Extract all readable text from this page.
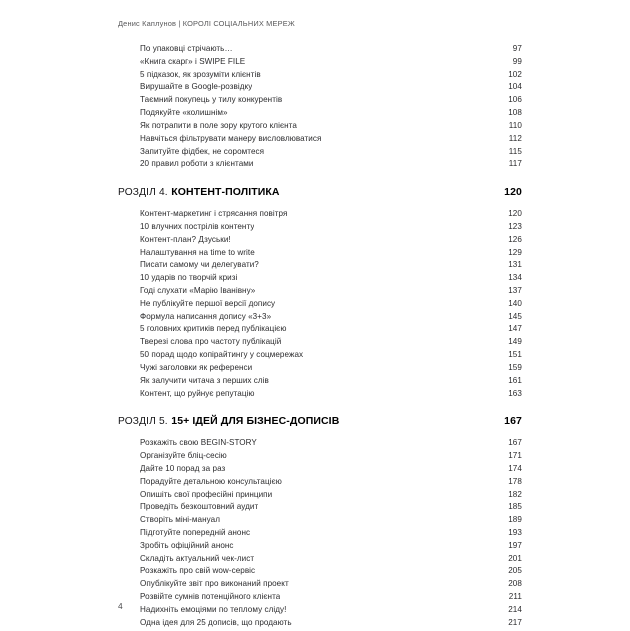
Денис Каплунов | КОРОЛІ СОЦІАЛЬНИХ МЕРЕЖ
По упаковці стрічають…	97
«Книга скарг» і SWIPE FILE	99
5 підказок, як зрозуміти клієнтів	102
Вирушайте в Google-розвідку	104
Таємний покупець у тилу конкурентів	106
Подякуйте «колишнім»	108
Як потрапити в поле зору крутого клієнта	110
Навчіться фільтрувати манеру висловлюватися	112
Запитуйте фідбек, не соромтеся	115
20 правил роботи з клієнтами	117
РОЗДІЛ 4. КОНТЕНТ-ПОЛІТИКА	120
Контент-маркетинг і стрясання повітря	120
10 влучних пострілів контенту	123
Контент-план? Дзуськи!	126
Налаштування на time to write	129
Писати самому чи делегувати?	131
10 ударів по творчій кризі	134
Годі слухати «Марію Іванівну»	137
Не публікуйте першої версії допису	140
Формула написання допису «3+3»	145
5 головних критиків перед публікацією	147
Тверезі слова про частоту публікацій	149
50 порад щодо копірайтингу у соцмережах	151
Чужі заголовки як референси	159
Як залучити читача з перших слів	161
Контент, що руйнує репутацію	163
РОЗДІЛ 5. 15+ ІДЕЙ ДЛЯ БІЗНЕС-ДОПИСІВ	167
Розкажіть свою BEGIN-STORY	167
Організуйте бліц-сесію	171
Дайте 10 порад за раз	174
Порадуйте детальною консультацією	178
Опишіть свої професійні принципи	182
Проведіть безкоштовний аудит	185
Створіть міні-мануал	189
Підготуйте попередній анонс	193
Зробіть офіційний анонс	197
Складіть актуальний чек-лист	201
Розкажіть про свій wow-сервіс	205
Опублікуйте звіт про виконаний проект	208
Розвійте сумнів потенційного клієнта	211
Надихніть емоціями по теплому сліду!	214
Одна ідея для 25 дописів, що продають	217
4
